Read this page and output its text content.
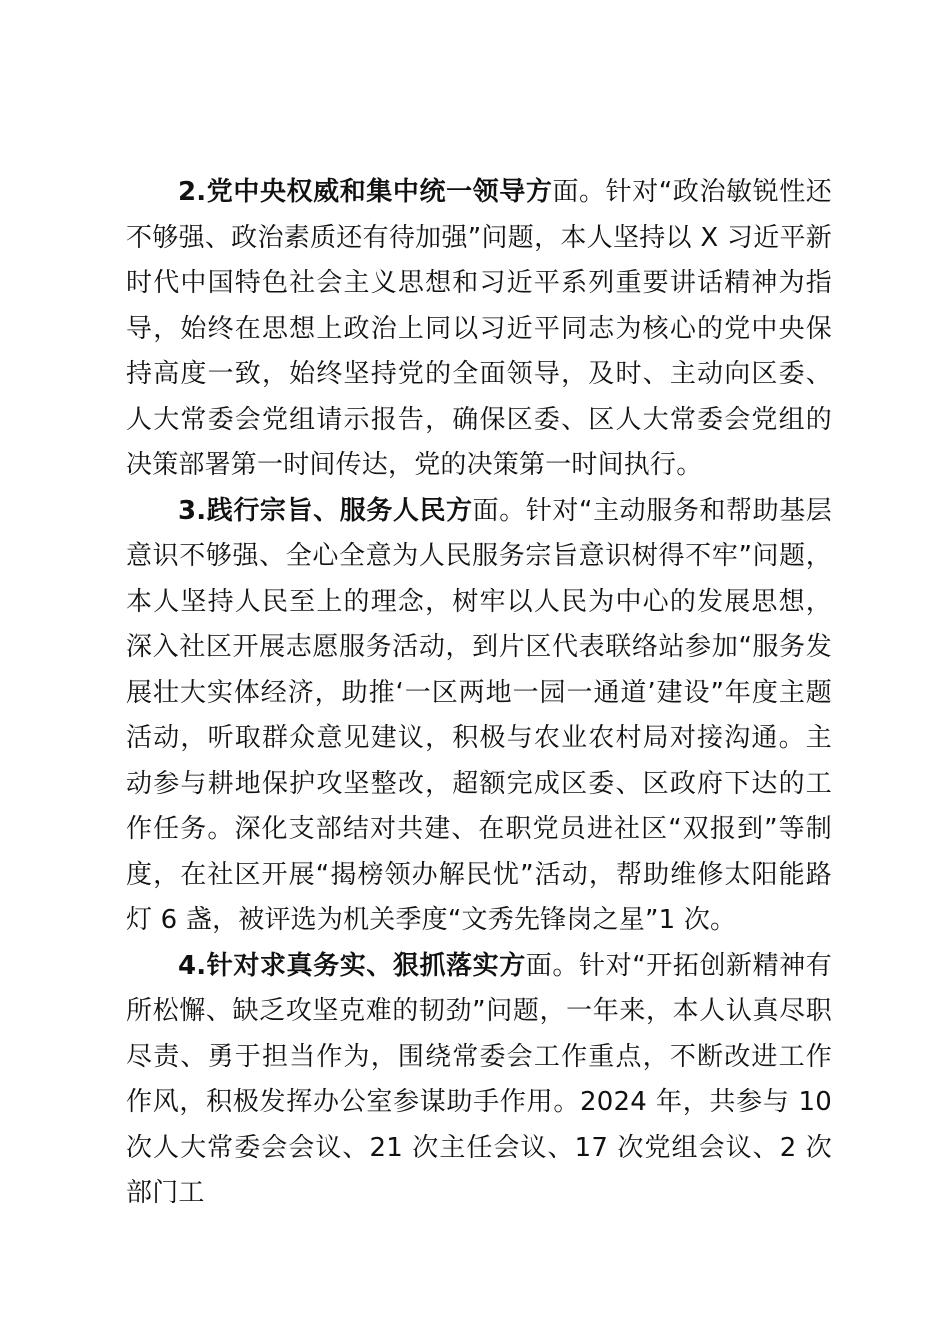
2.党中央权威和集中统一领导方面。针对“政治敏锐性还不够强、政治素质还有待加强”问题，本人坚持以 X 习近平新时代中国特色社会主义思想和习近平系列重要讲话精神为指导，始终在思想上政治上同以习近平同志为核心的党中央保持高度一致，始终坚持党的全面领导，及时、主动向区委、人大常委会党组请示报告，确保区委、区人大常委会党组的决策部署第一时间传达，党的决策第一时间执行。

3.践行宗旨、服务人民方面。针对“主动服务和帮助基层意识不够强、全心全意为人民服务宗旨意识树得不牢”问题，本人坚持人民至上的理念，树牢以人民为中心的发展思想，深入社区开展志愿服务活动，到片区代表联络站参加“服务发展壮大实体经济，助推‘一区两地一园一通道’建设”年度主题活动，听取群众意见建议，积极与农业农村局对接沟通。主动参与耕地保护攻坚整改，超额完成区委、区政府下达的工作任务。深化支部结对共建、在职党员进社区“双报到”等制度，在社区开展“揭榜领办解民忧”活动，帮助维修太阳能路灯 6 盏，被评选为机关季度“文秀先锋岗之星”1 次。

4.针对求真务实、狠抓落实方面。针对“开拓创新精神有所松懈、缺乏攻坚克难的韧劲”问题，一年来，本人认真尽职尽责、勇于担当作为，围绕常委会工作重点，不断改进工作作风，积极发挥办公室参谋助手作用。2024 年，共参与 10 次人大常委会会议、21 次主任会议、17 次党组会议、2 次部门工
